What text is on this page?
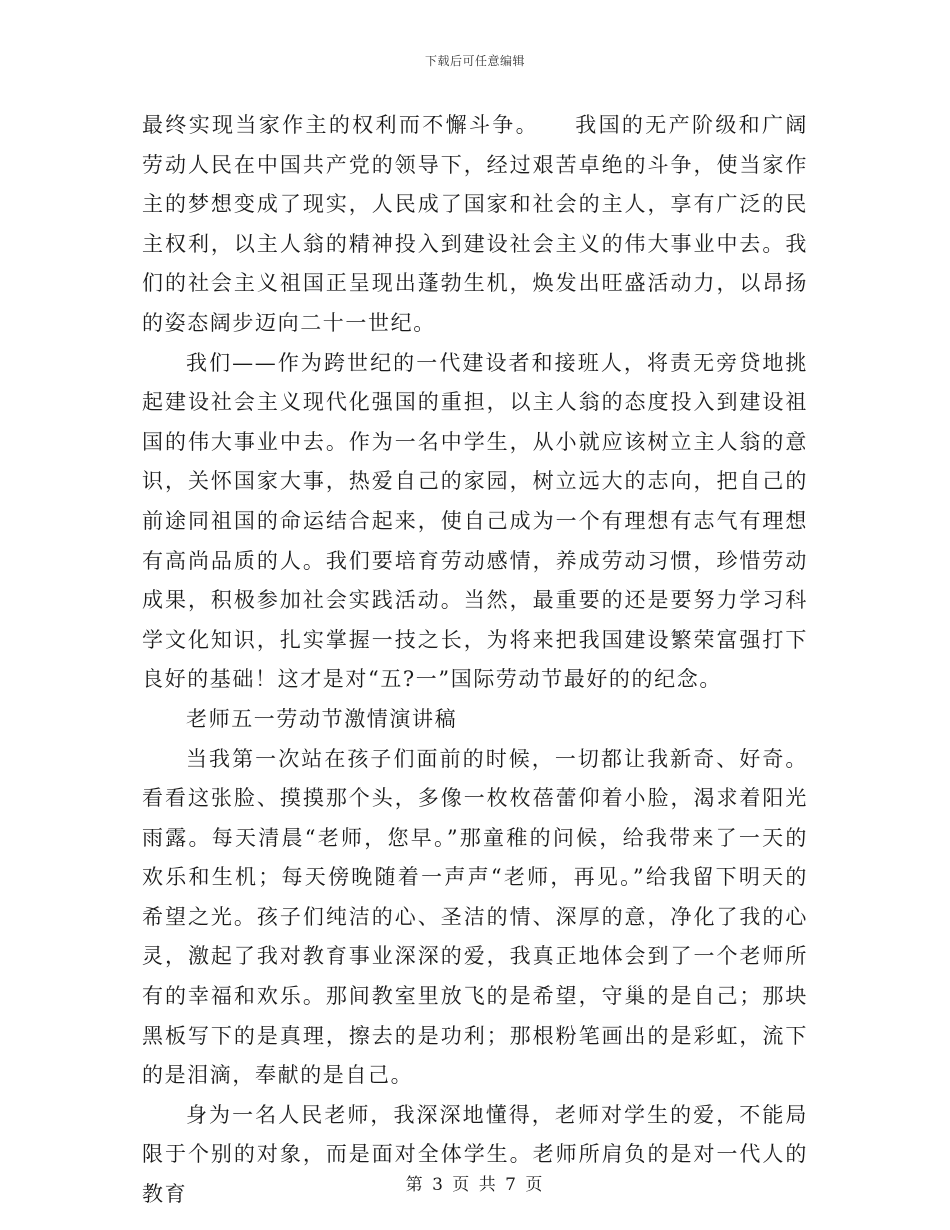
下载后可任意编辑

最终实现当家作主的权利而不懈斗争。　　我国的无产阶级和广阔劳动人民在中国共产党的领导下，经过艰苦卓绝的斗争，使当家作主的梦想变成了现实，人民成了国家和社会的主人，享有广泛的民主权利，以主人翁的精神投入到建设社会主义的伟大事业中去。我们的社会主义祖国正呈现出蓬勃生机，焕发出旺盛活动力，以昂扬的姿态阔步迈向二十一世纪。

我们——作为跨世纪的一代建设者和接班人，将责无旁贷地挑起建设社会主义现代化强国的重担，以主人翁的态度投入到建设祖国的伟大事业中去。作为一名中学生，从小就应该树立主人翁的意识，关怀国家大事，热爱自己的家园，树立远大的志向，把自己的前途同祖国的命运结合起来，使自己成为一个有理想有志气有理想有高尚品质的人。我们要培育劳动感情，养成劳动习惯，珍惜劳动成果，积极参加社会实践活动。当然，最重要的还是要努力学习科学文化知识，扎实掌握一技之长，为将来把我国建设繁荣富强打下良好的基础！这才是对“五?一”国际劳动节最好的的纪念。

老师五一劳动节激情演讲稿

当我第一次站在孩子们面前的时候，一切都让我新奇、好奇。看看这张脸、摸摸那个头，多像一枚枚蓓蕾仰着小脸，渴求着阳光雨露。每天清晨“老师，您早。”那童稚的问候，给我带来了一天的欢乐和生机；每天傍晚随着一声声“老师，再见。”给我留下明天的希望之光。孩子们纯洁的心、圣洁的情、深厚的意，净化了我的心灵，激起了我对教育事业深深的爱，我真正地体会到了一个老师所有的幸福和欢乐。那间教室里放飞的是希望，守巢的是自己；那块黑板写下的是真理，擦去的是功利；那根粉笔画出的是彩虹，流下的是泪滴，奉献的是自己。

身为一名人民老师，我深深地懂得，老师对学生的爱，不能局限于个别的对象，而是面对全体学生。老师所肩负的是对一代人的教育	第 3 页 共 7 页
